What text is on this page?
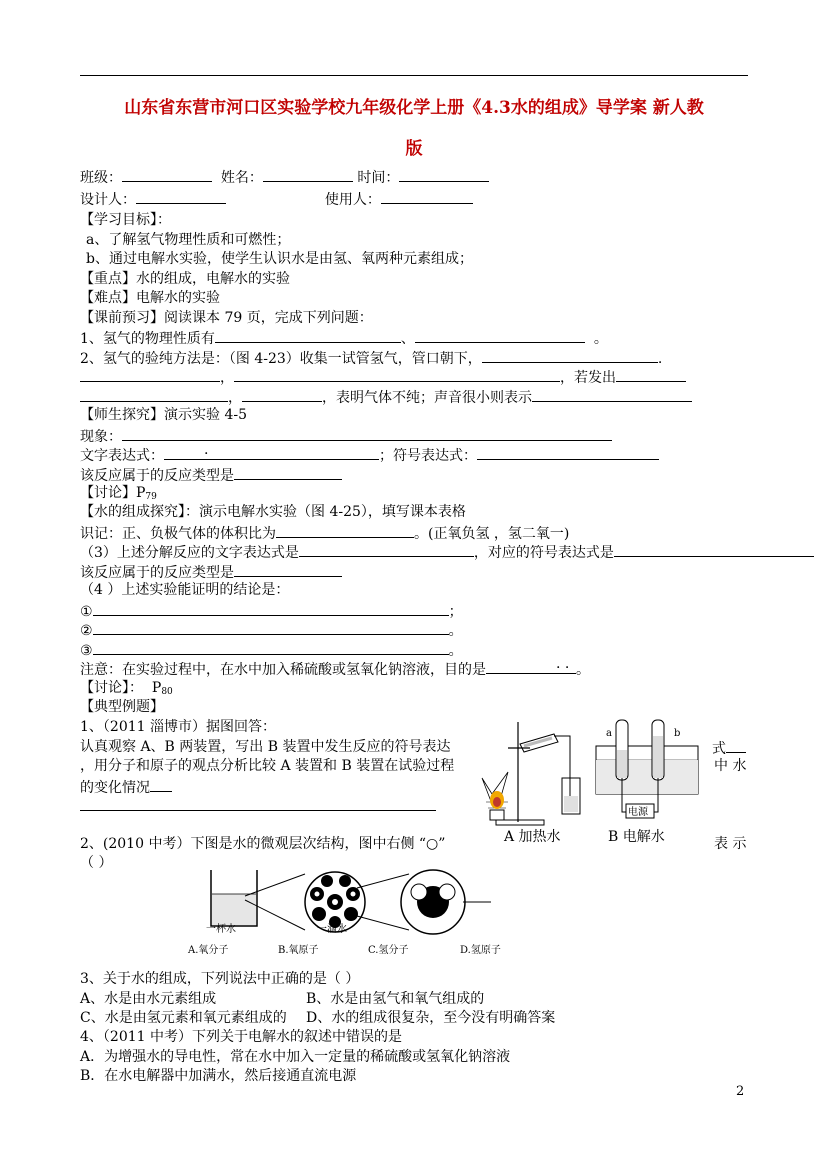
山东省东营市河口区实验学校九年级化学上册《4.3水的组成》导学案 新人教
版
班级：	姓名：	时间：
设计人：	使用人：
【学习目标】：
a、了解氢气物理性质和可燃性；
b、通过电解水实验，使学生认识水是由氢、氧两种元素组成；
【重点】水的组成，电解水的实验
【难点】电解水的实验
【课前预习】阅读课本 79 页，完成下列问题：
1、氢气的物理性质有	、	。
2、氢气的验纯方法是：（图 4-23）收集一试管氢气，管口朝下，	.
，	，若发出
，	，表明气体不纯；声音很小则表示
【师生探究】演示实验 4-5
现象：
文字表达式：	.	；符号表达式：
该反应属于的反应类型是
【讨论】$P_{79}$
【水的组成探究】：演示电解水实验（图 4-25），填写课本表格
识记：正、负极气体的体积比为	。(正氧负氢 ，氢二氧一)
（3）上述分解反应的文字表达式是	，对应的符号表达式是
该反应属于的反应类型是
（4 ）上述实验能证明的结论是：
①	；
②	。
③	。
注意：在实验过程中，在水中加入稀硫酸或氢氧化钠溶液，目的是	. . 。
【讨论】： $P_{80}$
【典型例题】
1、（2011 淄博市）据图回答：
认真观察 A、B 两装置，写出 B 装置中发生反应的符号表达	式
，用分子和原子的观点分析比较 A 装置和 B 装置在试验过程	中 水
的变化情况
A 加热水
a	b
电源
B 电解水
2、(2010 中考）下图是水的微观层次结构，图中右侧 “○”	表 示
（ ）
一杯水	一滴水
A.氧分子	B.氧原子	C.氢分子	D.氢原子
3、关于水的组成，下列说法中正确的是（ ）
A、水是由水元素组成	B、水是由氢气和氧气组成的
C、水是由氢元素和氧元素组成的 D、水的组成很复杂，至今没有明确答案
4、（2011 中考）下列关于电解水的叙述中错误的是
A．为增强水的导电性，常在水中加入一定量的稀硫酸或氢氧化钠溶液
B．在水电解器中加满水，然后接通直流电源
2
